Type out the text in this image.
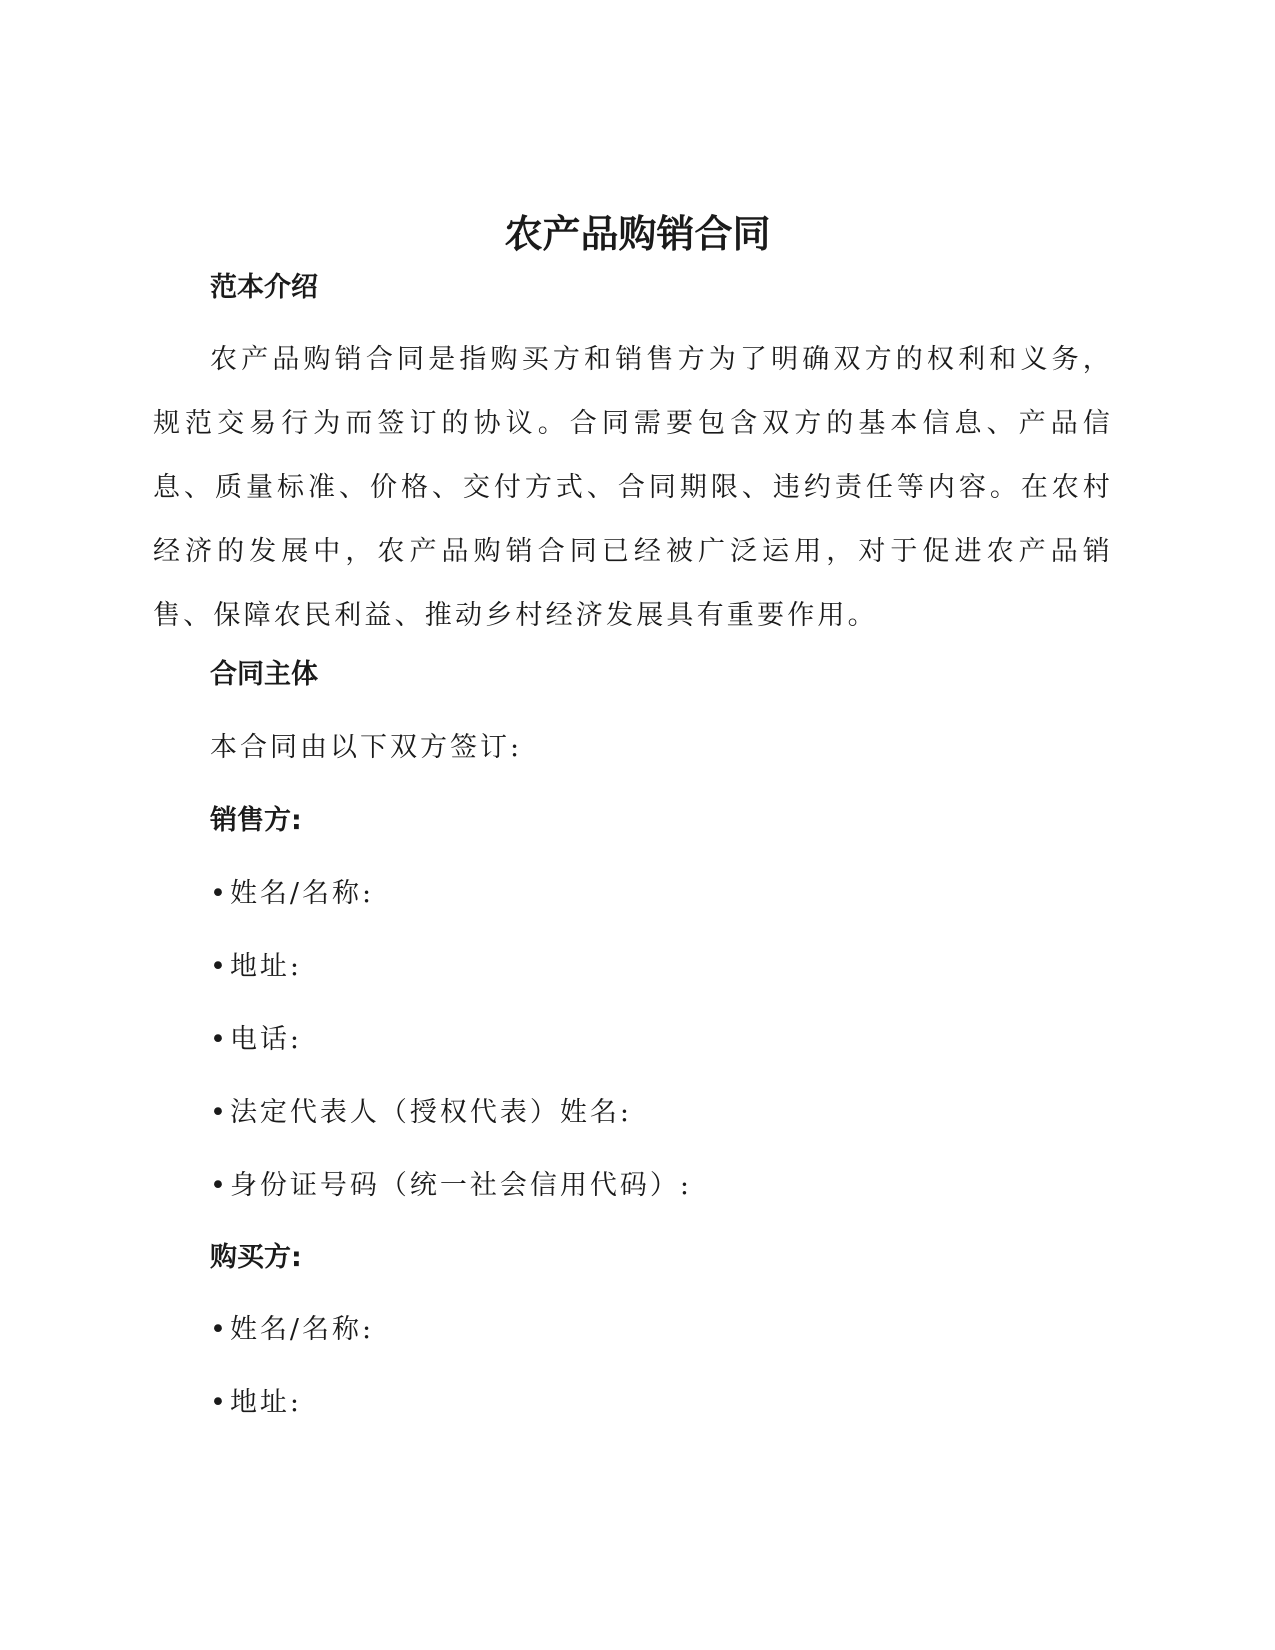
农产品购销合同
范本介绍

农产品购销合同是指购买方和销售方为了明确双方的权利和义务，规范交易行为而签订的协议。合同需要包含双方的基本信息、产品信息、质量标准、价格、交付方式、合同期限、违约责任等内容。在农村经济的发展中，农产品购销合同已经被广泛运用，对于促进农产品销售、保障农民利益、推动乡村经济发展具有重要作用。

合同主体

本合同由以下双方签订:

销售方:

• 姓名/名称:

• 地址:

• 电话:

• 法定代表人（授权代表）姓名:

• 身份证号码（统一社会信用代码）:

购买方:

• 姓名/名称:

• 地址:
